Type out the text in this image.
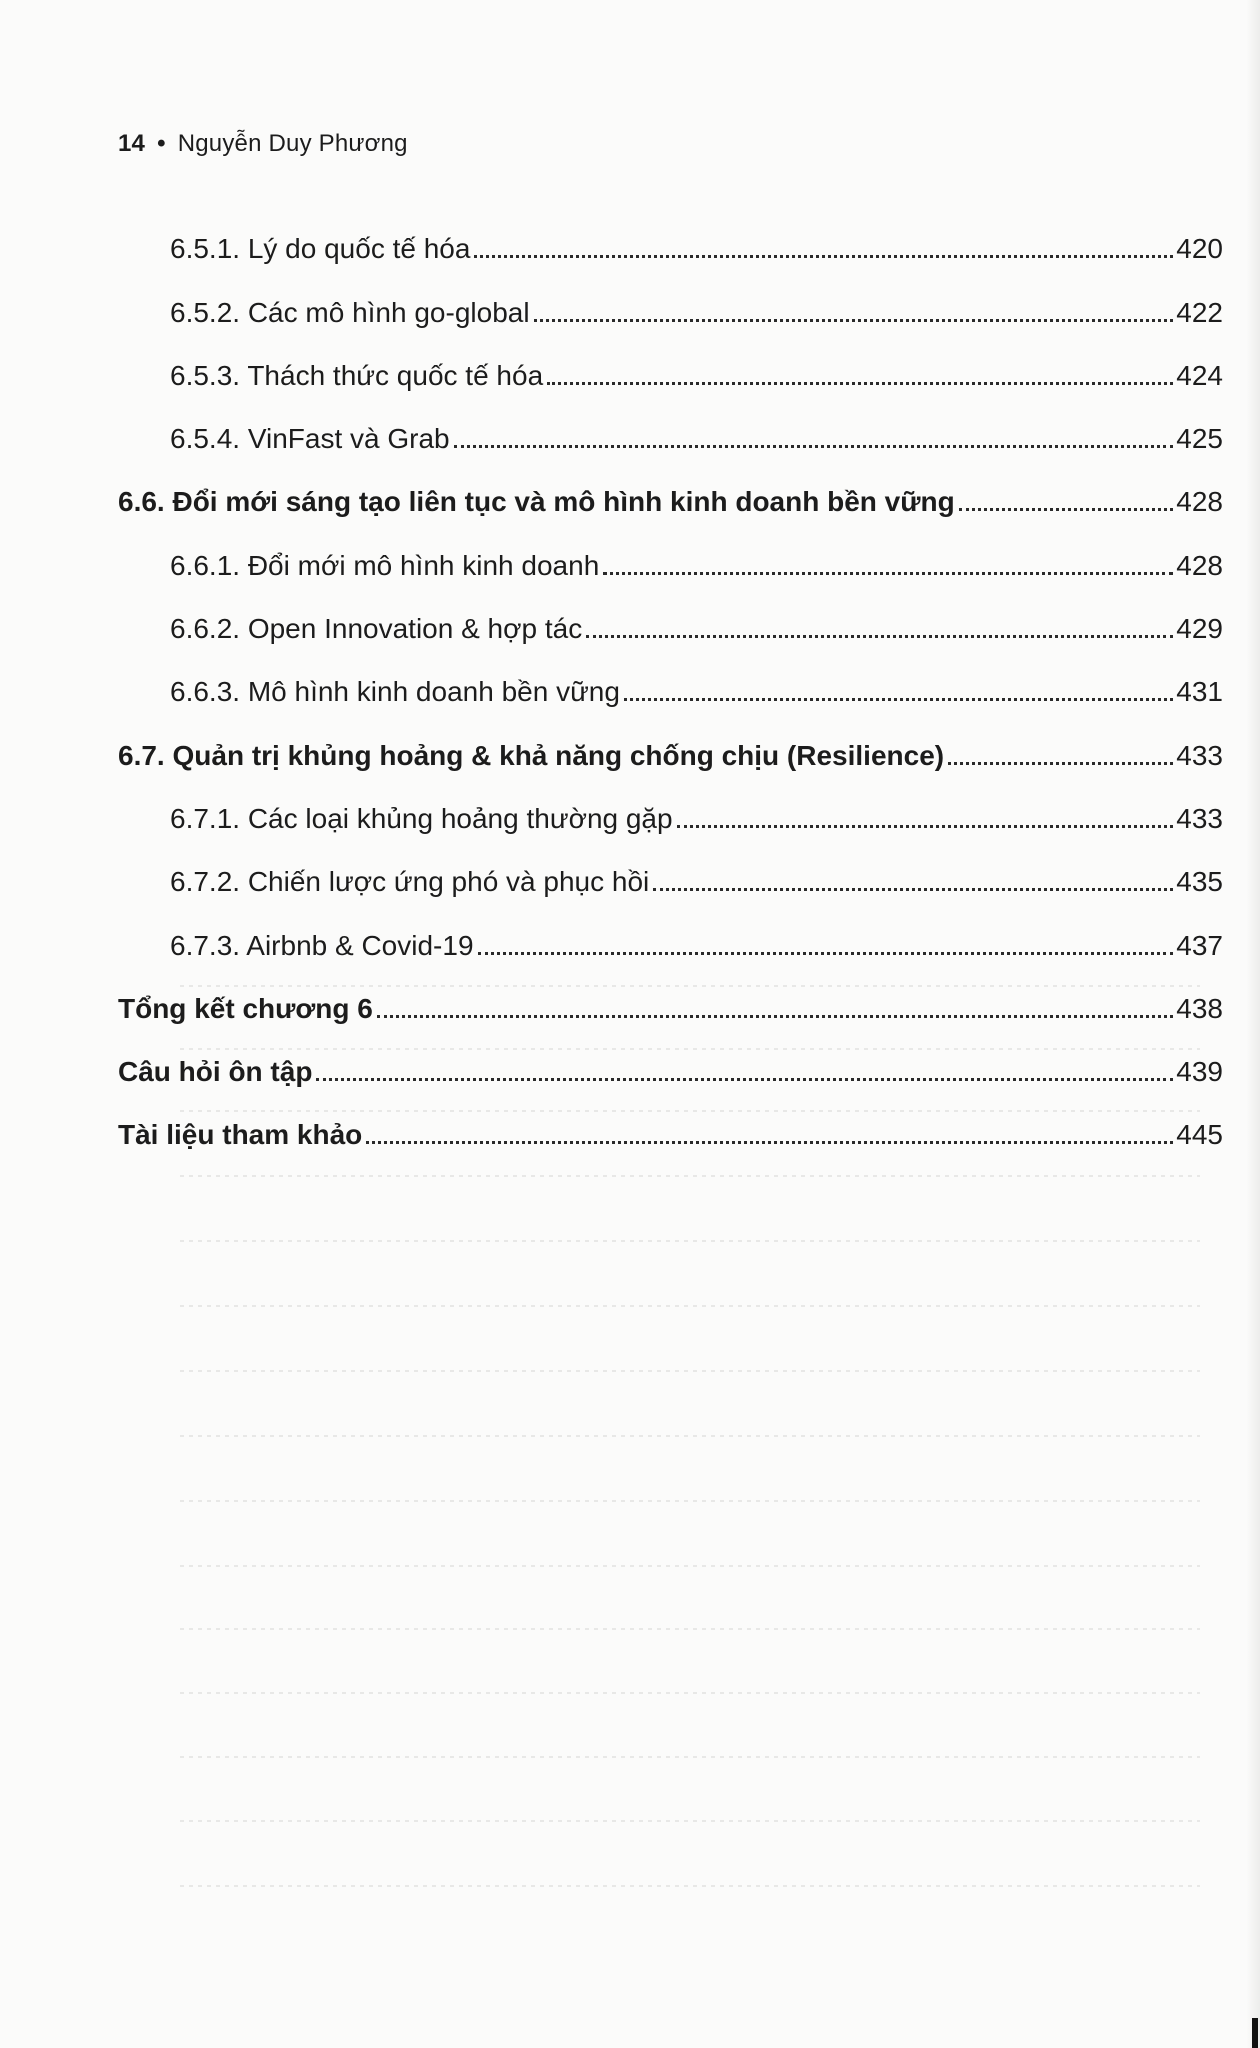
14 • Nguyễn Duy Phương
6.5.1. Lý do quốc tế hóa	420
6.5.2. Các mô hình go-global	422
6.5.3. Thách thức quốc tế hóa	424
6.5.4. VinFast và Grab	425
6.6. Đổi mới sáng tạo liên tục và mô hình kinh doanh bền vững	428
6.6.1. Đổi mới mô hình kinh doanh	428
6.6.2. Open Innovation & hợp tác	429
6.6.3. Mô hình kinh doanh bền vững	431
6.7. Quản trị khủng hoảng & khả năng chống chịu (Resilience)	433
6.7.1. Các loại khủng hoảng thường gặp	433
6.7.2. Chiến lược ứng phó và phục hồi	435
6.7.3. Airbnb & Covid-19	437
Tổng kết chương 6	438
Câu hỏi ôn tập	439
Tài liệu tham khảo	445
